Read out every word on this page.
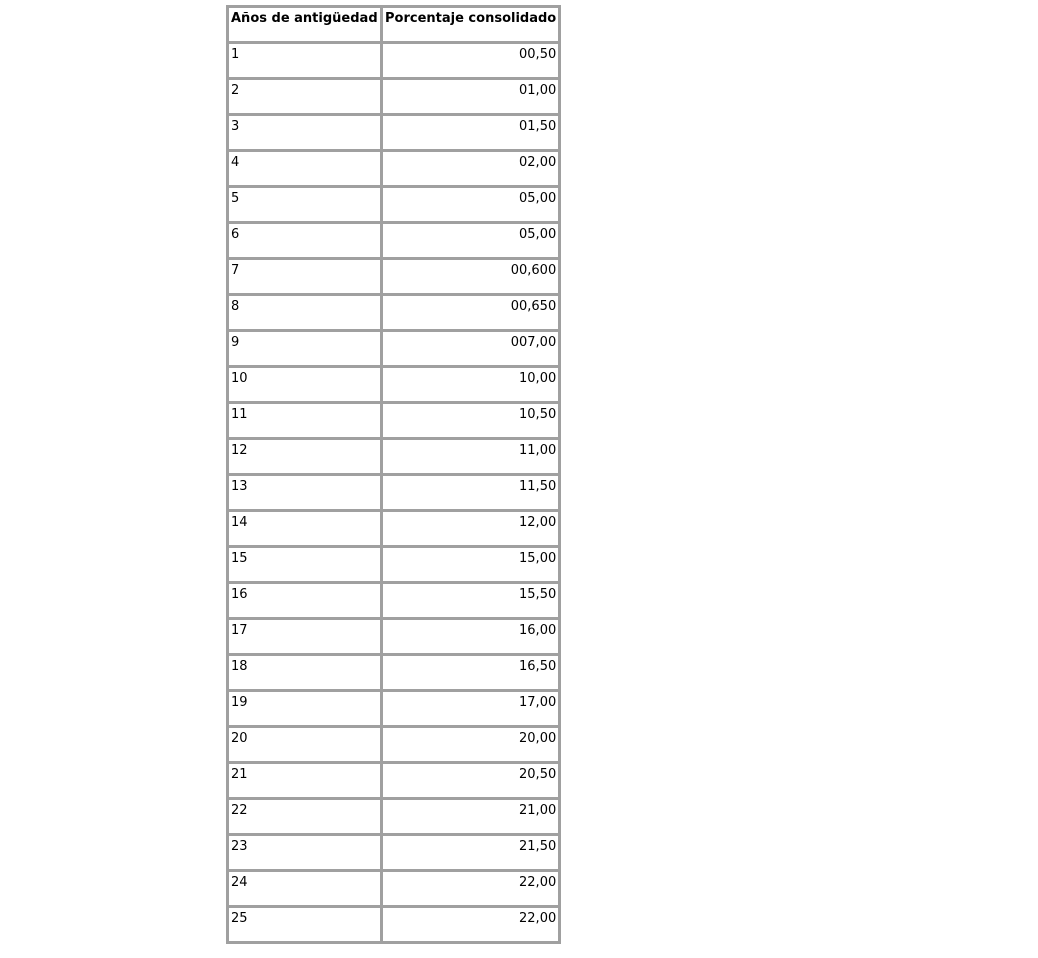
Años de antigüedad	Porcentaje consolidado
1	00,50
2	01,00
3	01,50
4	02,00
5	05,00
6	05,00
7	00,600
8	00,650
9	007,00
10	10,00
11	10,50
12	11,00
13	11,50
14	12,00
15	15,00
16	15,50
17	16,00
18	16,50
19	17,00
20	20,00
21	20,50
22	21,00
23	21,50
24	22,00
25	22,00
